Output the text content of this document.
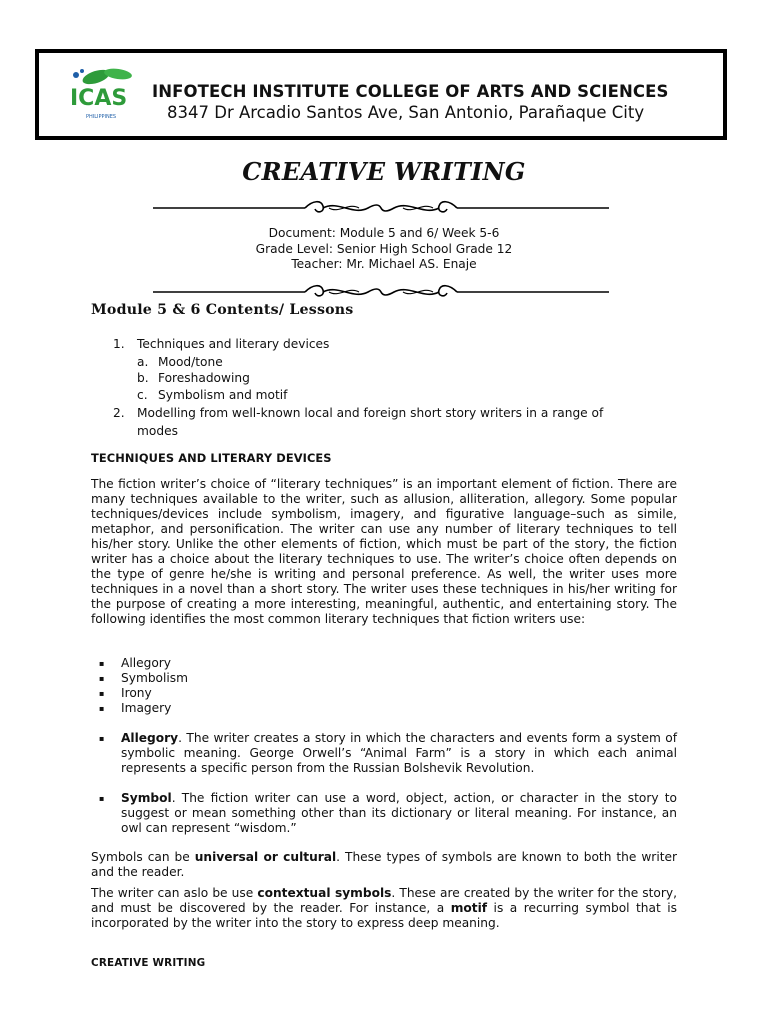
ICAS
PHILIPPINES
INFOTECH INSTITUTE COLLEGE OF ARTS AND SCIENCES
8347 Dr Arcadio Santos Ave, San Antonio, Parañaque City
CREATIVE WRITING
Document: Module 5 and 6/ Week 5-6
Grade Level: Senior High School Grade 12
Teacher: Mr. Michael AS. Enaje
Module 5 & 6 Contents/ Lessons
1. Techniques and literary devices
a. Mood/tone
b. Foreshadowing
c. Symbolism and motif
2. Modelling from well-known local and foreign short story writers in a range of
modes
TECHNIQUES AND LITERARY DEVICES
The fiction writer’s choice of “literary techniques” is an important element of fiction. There are many techniques available to the writer, such as allusion, alliteration, allegory. Some popular techniques/devices include symbolism, imagery, and figurative language–such as simile, metaphor, and personification. The writer can use any number of literary techniques to tell his/her story. Unlike the other elements of fiction, which must be part of the story, the fiction writer has a choice about the literary techniques to use. The writer’s choice often depends on the type of genre he/she is writing and personal preference. As well, the writer uses more techniques in a novel than a short story. The writer uses these techniques in his/her writing for the purpose of creating a more interesting, meaningful, authentic, and entertaining story. The following identifies the most common literary techniques that fiction writers use:
▪ Allegory
▪ Symbolism
▪ Irony
▪ Imagery
▪ Allegory. The writer creates a story in which the characters and events form a system of symbolic meaning. George Orwell’s “Animal Farm” is a story in which each animal represents a specific person from the Russian Bolshevik Revolution.
▪ Symbol. The fiction writer can use a word, object, action, or character in the story to suggest or mean something other than its dictionary or literal meaning. For instance, an owl can represent “wisdom.”
Symbols can be universal or cultural. These types of symbols are known to both the writer and the reader.
The writer can aslo be use contextual symbols. These are created by the writer for the story, and must be discovered by the reader. For instance, a motif is a recurring symbol that is incorporated by the writer into the story to express deep meaning.
CREATIVE WRITING
